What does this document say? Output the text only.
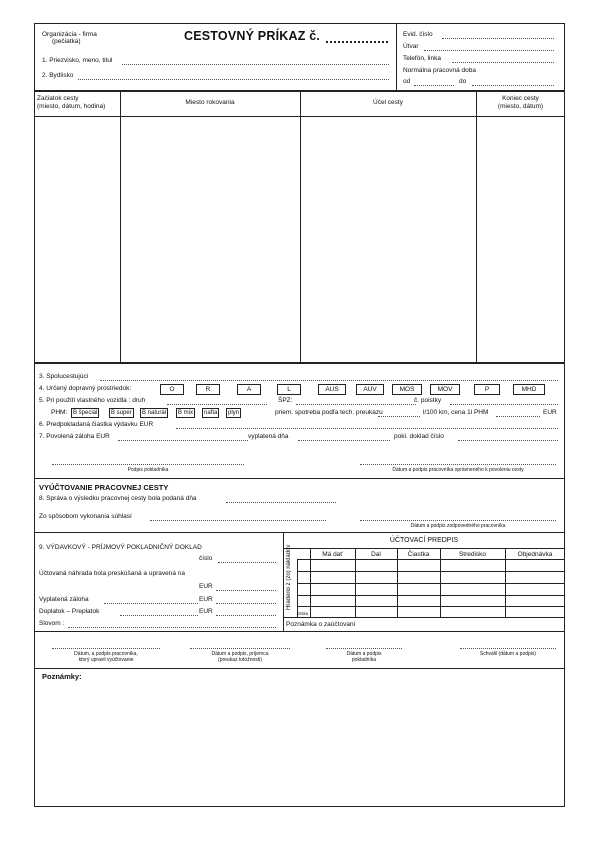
Organizácia - firma
(pečiatka)	CESTOVNÝ PRÍKAZ č.
1. Priezvisko, meno, titul
2. Bydlisko
Evid. číslo
Útvar
Telefón, linka
Normálna pracovná doba
od	do
Začiatok cesty
(miesto, dátum, hodina)
Miesto rokovania	Účel cesty
Koniec cesty
(miesto, dátum)
3. Spolucestujúci
4. Určený dopravný prostriedok:	O	R	A	L	AUS	AUV	MOS	MOV	P	MHD
5. Pri použití vlastného vozidla : druh	ŠPZ:	č. poistky
PHM: B špeciál	B super	B naturál	B mix	nafta	plyn	priem. spotreba podľa tech. preukazu	l/100 km, cena 1l PHM	EUR
6. Predpokladaná čiastka výdavku EUR
7. Povolená záloha EUR	vyplatená dňa	pokl. doklad číslo
Podpis pokladníka	Dátum a podpis pracovníka oprávneného k povoleniu cesty
VYÚČTOVANIE PRACOVNEJ CESTY
8. Správa o výsledku pracovnej cesty bola podaná dňa
Zo spôsobom vykonania súhlasí
Dátum a podpis zodpovedného pracovníka
9. VÝDAVKOVÝ - PRÍJMOVÝ POKLADNIČNÝ DOKLAD
číslo
Účtovaná náhrada bola preskúšaná a upravená na
EUR
Vyplatená záloha	EUR
Doplatok – Preplatok	EUR
Slovom :
ÚČTOVACÍ PREDPIS
Má dať	Dal	Čiastka	Stredisko	Objednávka
Hradeno z (zo) nákladov
zisku
Poznámka o zaúčtovaní
Dátum, a podpis pracovníka,
ktorý upravil vyúčtovanie
Dátum a podpis, príjemca
(preukaz totožnosti)
Dátum a podpis
pokladníka
Schválil (dátum a podpis)
Poznámky:
